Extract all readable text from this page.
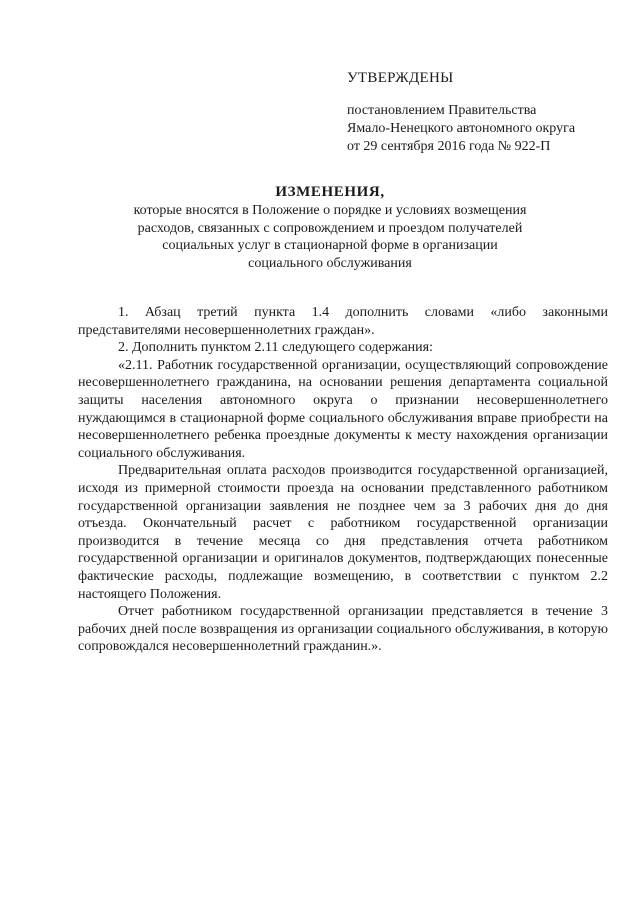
УТВЕРЖДЕНЫ
постановлением Правительства
Ямало-Ненецкого автономного округа
от 29 сентября 2016 года № 922-П
ИЗМЕНЕНИЯ,
которые вносятся в Положение о порядке и условиях возмещения
расходов, связанных с сопровождением и проездом получателей
социальных услуг в стационарной форме в организации
социального обслуживания

1. Абзац третий пункта 1.4 дополнить словами «либо законными представителями несовершеннолетних граждан».

2. Дополнить пунктом 2.11 следующего содержания:

«2.11. Работник государственной организации, осуществляющий сопровождение несовершеннолетнего гражданина, на основании решения департамента социальной защиты населения автономного округа о признании несовершеннолетнего нуждающимся в стационарной форме социального обслуживания вправе приобрести на несовершеннолетнего ребенка проездные документы к месту нахождения организации социального обслуживания.

Предварительная оплата расходов производится государственной организацией, исходя из примерной стоимости проезда на основании представленного работником государственной организации заявления не позднее чем за 3 рабочих дня до дня отъезда. Окончательный расчет с работником государственной организации производится в течение месяца со дня представления отчета работником государственной организации и оригиналов документов, подтверждающих понесенные фактические расходы, подлежащие возмещению, в соответствии с пунктом 2.2 настоящего Положения.

Отчет работником государственной организации представляется в течение 3 рабочих дней после возвращения из организации социального обслуживания, в которую сопровождался несовершеннолетний гражданин.».
